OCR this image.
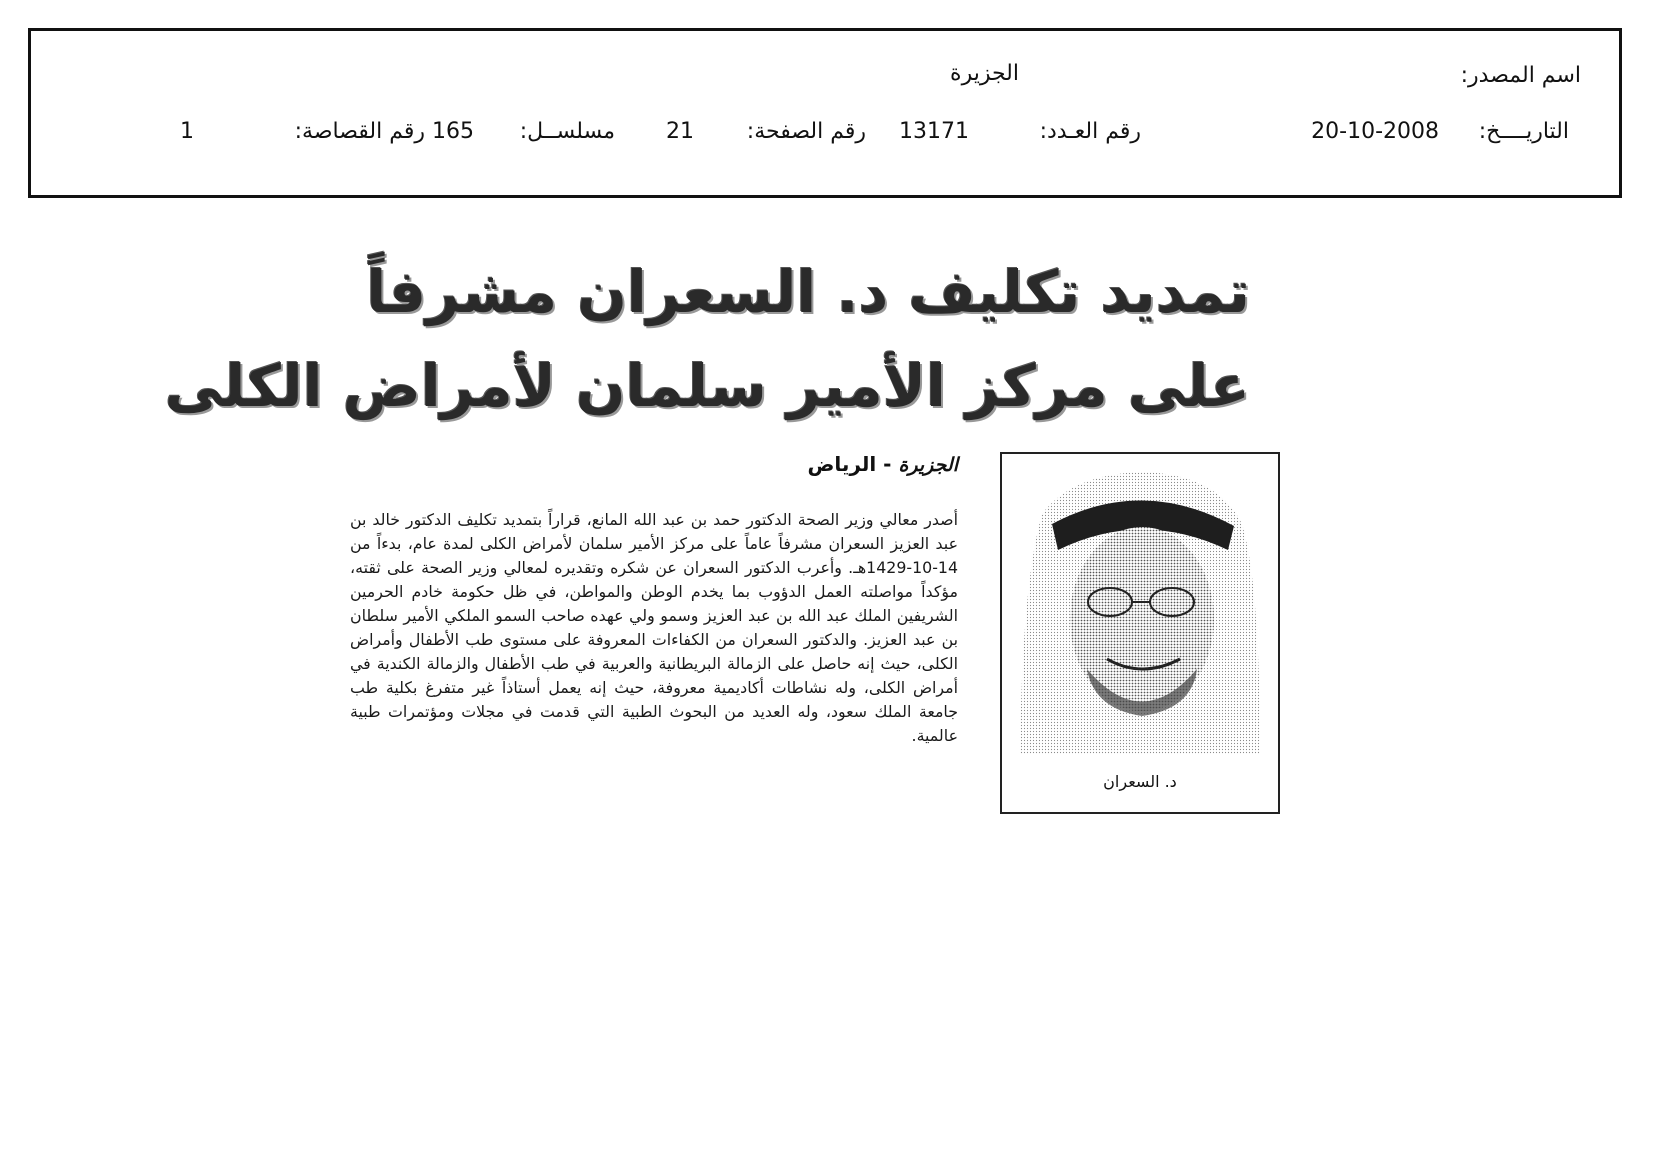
اسم المصدر:
الجزيرة
التاريــــخ:
20-10-2008
رقم العـدد:
13171
رقم الصفحة:
21
مسلســل:
165
رقم القصاصة:
1
تمديد تكليف د. السعران مشرفاً
على مركز الأمير سلمان لأمراض الكلى
الجزيرة - الرياض
أصدر معالي وزير الصحة الدكتور حمد بن عبد الله المانع، قراراً بتمديد تكليف الدكتور خالد بن عبد العزيز السعران مشرفاً عاماً على مركز الأمير سلمان لأمراض الكلى لمدة عام، بدءاً من 14-10-1429هـ. وأعرب الدكتور السعران عن شكره وتقديره لمعالي وزير الصحة على ثقته، مؤكداً مواصلته العمل الدؤوب بما يخدم الوطن والمواطن، في ظل حكومة خادم الحرمين الشريفين الملك عبد الله بن عبد العزيز وسمو ولي عهده صاحب السمو الملكي الأمير سلطان بن عبد العزيز. والدكتور السعران من الكفاءات المعروفة على مستوى طب الأطفال وأمراض الكلى، حيث إنه حاصل على الزمالة البريطانية والعربية في طب الأطفال والزمالة الكندية في أمراض الكلى، وله نشاطات أكاديمية معروفة، حيث إنه يعمل أستاذاً غير متفرغ بكلية طب جامعة الملك سعود، وله العديد من البحوث الطبية التي قدمت في مجلات ومؤتمرات طبية عالمية.
د. السعران
